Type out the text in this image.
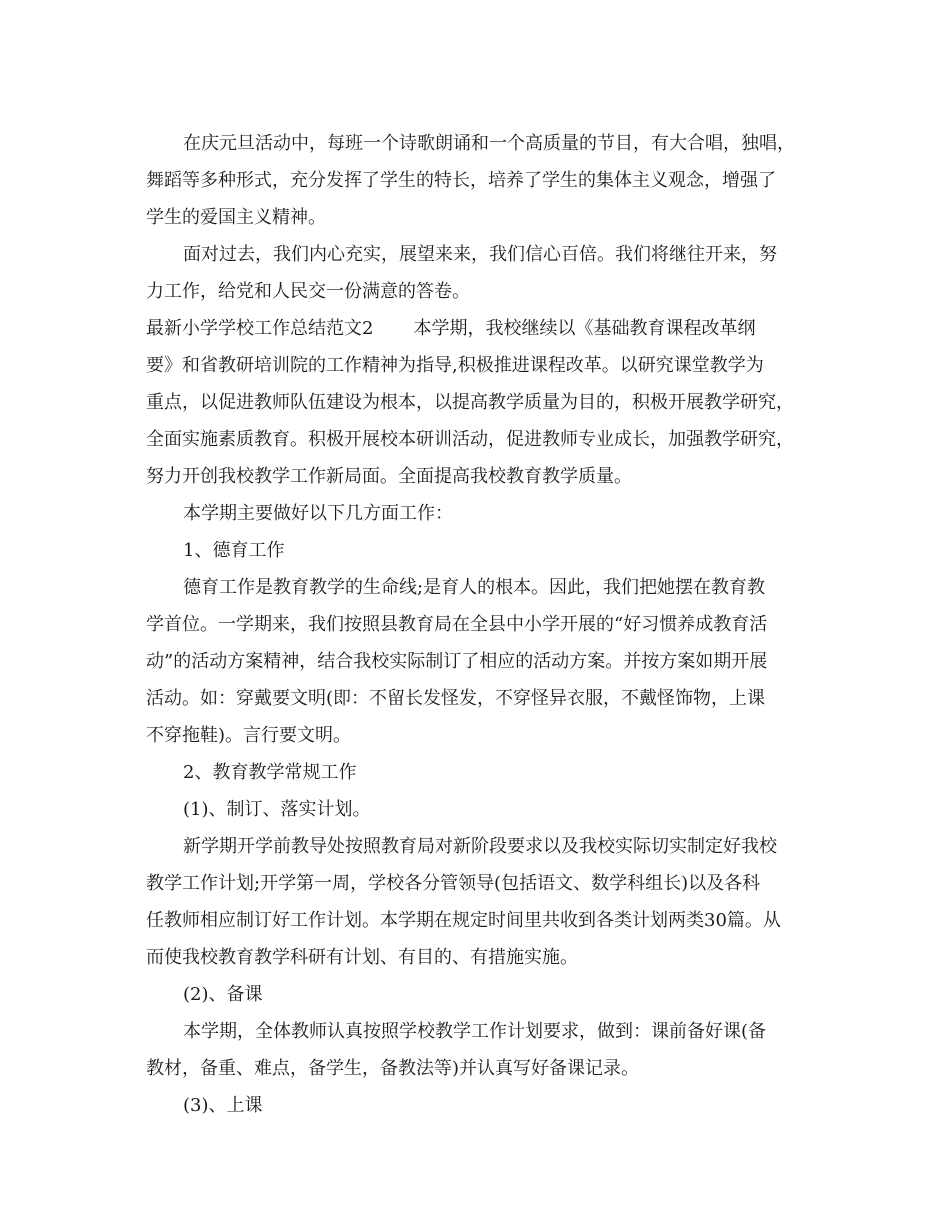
在庆元旦活动中，每班一个诗歌朗诵和一个高质量的节目，有大合唱，独唱，
舞蹈等多种形式，充分发挥了学生的特长，培养了学生的集体主义观念，增强了
学生的爱国主义精神。
面对过去，我们内心充实，展望来来，我们信心百倍。我们将继往开来，努
力工作，给党和人民交一份满意的答卷。
最新小学学校工作总结范文2 本学期，我校继续以《基础教育课程改革纲
要》和省教研培训院的工作精神为指导,积极推进课程改革。以研究课堂教学为
重点，以促进教师队伍建设为根本，以提高教学质量为目的，积极开展教学研究，
全面实施素质教育。积极开展校本研训活动，促进教师专业成长，加强教学研究，
努力开创我校教学工作新局面。全面提高我校教育教学质量。
本学期主要做好以下几方面工作：
1、德育工作
德育工作是教育教学的生命线;是育人的根本。因此，我们把她摆在教育教
学首位。一学期来，我们按照县教育局在全县中小学开展的“好习惯养成教育活
动”的活动方案精神，结合我校实际制订了相应的活动方案。并按方案如期开展
活动。如：穿戴要文明(即：不留长发怪发，不穿怪异衣服，不戴怪饰物，上课
不穿拖鞋)。言行要文明。
2、教育教学常规工作
(1)、制订、落实计划。
新学期开学前教导处按照教育局对新阶段要求以及我校实际切实制定好我校
教学工作计划;开学第一周，学校各分管领导(包括语文、数学科组长)以及各科
任教师相应制订好工作计划。本学期在规定时间里共收到各类计划两类30篇。从
而使我校教育教学科研有计划、有目的、有措施实施。
(2)、备课
本学期，全体教师认真按照学校教学工作计划要求，做到：课前备好课(备
教材，备重、难点，备学生，备教法等)并认真写好备课记录。
(3)、上课
